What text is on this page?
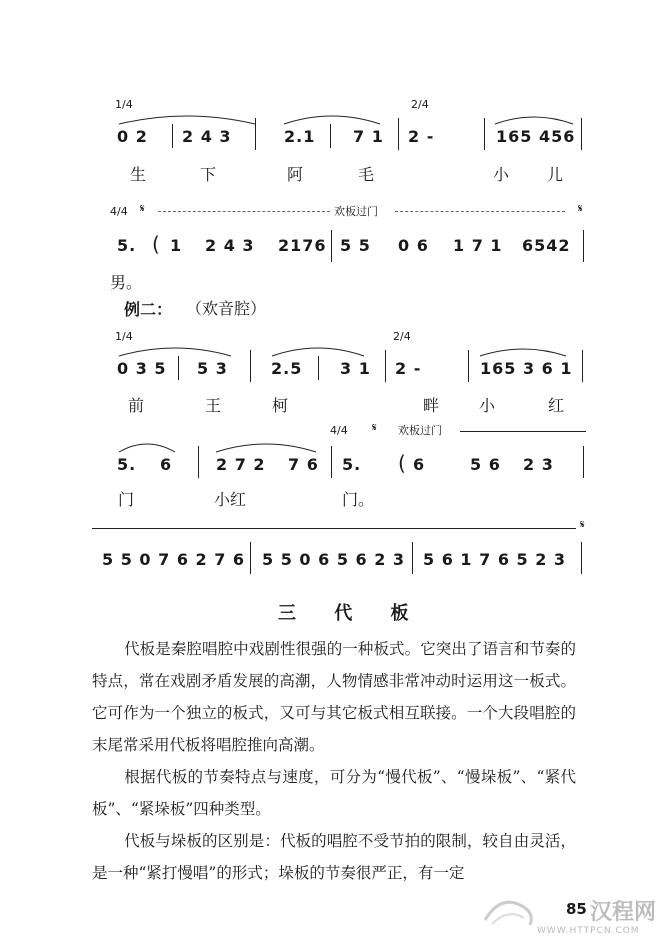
1/4	2/4
0 2 2 4 3	2.1 7 1 2 -	165 456
生	下	阿	毛	小 儿
4/4 𝄋	欢板过门	𝄋
5. ( 1 2 4 3 2176 5 5 0 6 1 7 1 6542
男。
例二： （欢音腔）
1/4	2/4
0 3 5 5 3	2.5 3 1 2 -	165 3 6 1
前	王	柯	畔 小	红
4/4 𝄋 欢板过门
5. 6	2 7 2 7 6 5. ( 6	5 6 2 3
门	小红	门。
𝄋
5 5 0 7 6 2 7 6 5 5 0 6 5 6 2 3 5 6 1 7 6 5 2 3
三 代 板
代板是秦腔唱腔中戏剧性很强的一种板式。它突出了语言和节奏的特点，常在戏剧矛盾发展的高潮，人物情感非常冲动时运用这一板式。它可作为一个独立的板式，又可与其它板式相互联接。一个大段唱腔的末尾常采用代板将唱腔推向高潮。
根据代板的节奏特点与速度，可分为“慢代板”、“慢垛板”、“紧代板”、“紧垛板”四种类型。
代板与垛板的区别是：代板的唱腔不受节拍的限制，较自由灵活，是一种“紧打慢唱”的形式；垛板的节奏很严正，有一定
85 汉程网
WWW.HTTPCN.COM
